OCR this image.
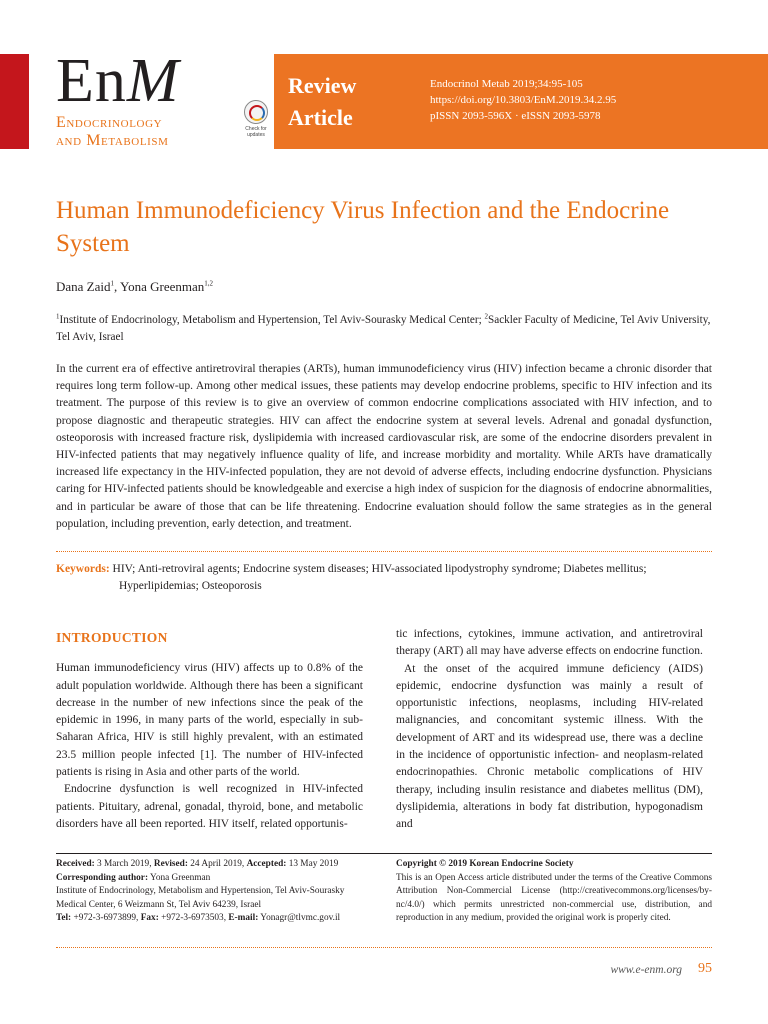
EnM
Endocrinology
and Metabolism
Check for updates
Review
Article
Endocrinol Metab 2019;34:95-105
https://doi.org/10.3803/EnM.2019.34.2.95
pISSN 2093-596X · eISSN 2093-5978
Human Immunodeficiency Virus Infection and the Endocrine System
Dana Zaid$^1$, Yona Greenman$^{1,2}$
$^1$Institute of Endocrinology, Metabolism and Hypertension, Tel Aviv-Sourasky Medical Center; $^2$Sackler Faculty of Medicine, Tel Aviv University, Tel Aviv, Israel

In the current era of effective antiretroviral therapies (ARTs), human immunodeficiency virus (HIV) infection became a chronic disorder that requires long term follow-up. Among other medical issues, these patients may develop endocrine problems, specific to HIV infection and its treatment. The purpose of this review is to give an overview of common endocrine complications associated with HIV infection, and to propose diagnostic and therapeutic strategies. HIV can affect the endocrine system at several levels. Adrenal and gonadal dysfunction, osteoporosis with increased fracture risk, dyslipidemia with increased cardiovascular risk, are some of the endocrine disorders prevalent in HIV-infected patients that may negatively influence quality of life, and increase morbidity and mortality. While ARTs have dramatically increased life expectancy in the HIV-infected population, they are not devoid of adverse effects, including endocrine dysfunction. Physicians caring for HIV-infected patients should be knowledgeable and exercise a high index of suspicion for the diagnosis of endocrine abnormalities, and in particular be aware of those that can be life threatening. Endocrine evaluation should follow the same strategies as in the general population, including prevention, early detection, and treatment.

Keywords: HIV; Anti-retroviral agents; Endocrine system diseases; HIV-associated lipodystrophy syndrome; Diabetes mellitus;
Hyperlipidemias; Osteoporosis
INTRODUCTION

Human immunodeficiency virus (HIV) affects up to 0.8% of the adult population worldwide. Although there has been a significant decrease in the number of new infections since the peak of the epidemic in 1996, in many parts of the world, especially in sub-Saharan Africa, HIV is still highly prevalent, with an estimated 23.5 million people infected [1]. The number of HIV-infected patients is rising in Asia and other parts of the world.

Endocrine dysfunction is well recognized in HIV-infected patients. Pituitary, adrenal, gonadal, thyroid, bone, and metabolic disorders have all been reported. HIV itself, related opportunis-

tic infections, cytokines, immune activation, and antiretroviral therapy (ART) all may have adverse effects on endocrine function.

At the onset of the acquired immune deficiency (AIDS) epidemic, endocrine dysfunction was mainly a result of opportunistic infections, neoplasms, including HIV-related malignancies, and concomitant systemic illness. With the development of ART and its widespread use, there was a decline in the incidence of opportunistic infection- and neoplasm-related endocrinopathies. Chronic metabolic complications of HIV therapy, including insulin resistance and diabetes mellitus (DM), dyslipidemia, alterations in body fat distribution, hypogonadism and

Received: 3 March 2019, Revised: 24 April 2019, Accepted: 13 May 2019
Corresponding author: Yona Greenman
Institute of Endocrinology, Metabolism and Hypertension, Tel Aviv-Sourasky Medical Center, 6 Weizmann St, Tel Aviv 64239, Israel
Tel: +972-3-6973899, Fax: +972-3-6973503, E-mail: Yonagr@tlvmc.gov.il
Copyright © 2019 Korean Endocrine Society
This is an Open Access article distributed under the terms of the Creative Commons Attribution Non-Commercial License (http://creativecommons.org/licenses/by-nc/4.0/) which permits unrestricted non-commercial use, distribution, and reproduction in any medium, provided the original work is properly cited.
www.e-enm.org 95
